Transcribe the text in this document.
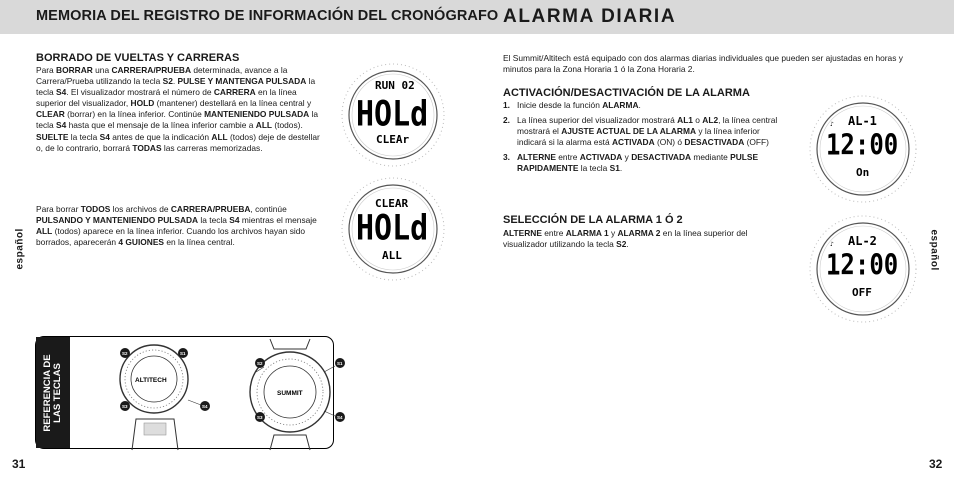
MEMORIA DEL REGISTRO DE INFORMACIÓN DEL CRONÓGRAFO ALARMA DIARIA
BORRADO DE VUELTAS Y CARRERAS
Para BORRAR una CARRERA/PRUEBA determinada, avance a la Carrera/Prueba utilizando la tecla S2. PULSE Y MANTENGA PULSADA la tecla S4. El visualizador mostrará el número de CARRERA en la línea superior del visualizador, HOLD (mantener) destellará en la línea central y CLEAR (borrar) en la línea inferior. Continúe MANTENIENDO PULSADA la tecla S4 hasta que el mensaje de la línea inferior cambie a ALL (todos). SUELTE la tecla S4 antes de que la indicación ALL (todos) deje de destellar o, de lo contrario, borrará TODAS las carreras memorizadas.
Para borrar TODOS los archivos de CARRERA/PRUEBA, continúe PULSANDO Y MANTENIENDO PULSADA la tecla S4 mientras el mensaje ALL (todos) aparece en la línea inferior. Cuando los archivos hayan sido borrados, aparecerán 4 GUIONES en la línea central.
español
31
RUN 02
HOLd
CLEAr
CLEAR
HOLd
ALL
REFERENCIA DE LAS TECLAS	ALTITECH
S2	S1
S3	S4
SUMMIT
S2	S1
S3	S4
El Summit/Altitech está equipado con dos alarmas diarias individuales que pueden ser ajustadas en horas y minutos para la Zona Horaria 1 ó la Zona Horaria 2.
ACTIVACIÓN/DESACTIVACIÓN DE LA ALARMA
1. Inicie desde la función ALARMA.
2. La línea superior del visualizador mostrará AL1 o AL2, la línea central mostrará el AJUSTE ACTUAL DE LA ALARMA y la línea inferior indicará si la alarma está ACTIVADA (ON) ó DESACTIVADA (OFF)
3. ALTERNE entre ACTIVADA y DESACTIVADA mediante PULSE RAPIDAMENTE la tecla S1.
SELECCIÓN DE LA ALARMA 1 Ó 2
ALTERNE entre ALARMA 1 y ALARMA 2 en la línea superior del visualizador utilizando la tecla S2.
♪ AL-1
12:00
On
♪ AL-2
12:00
OFF
español
32
